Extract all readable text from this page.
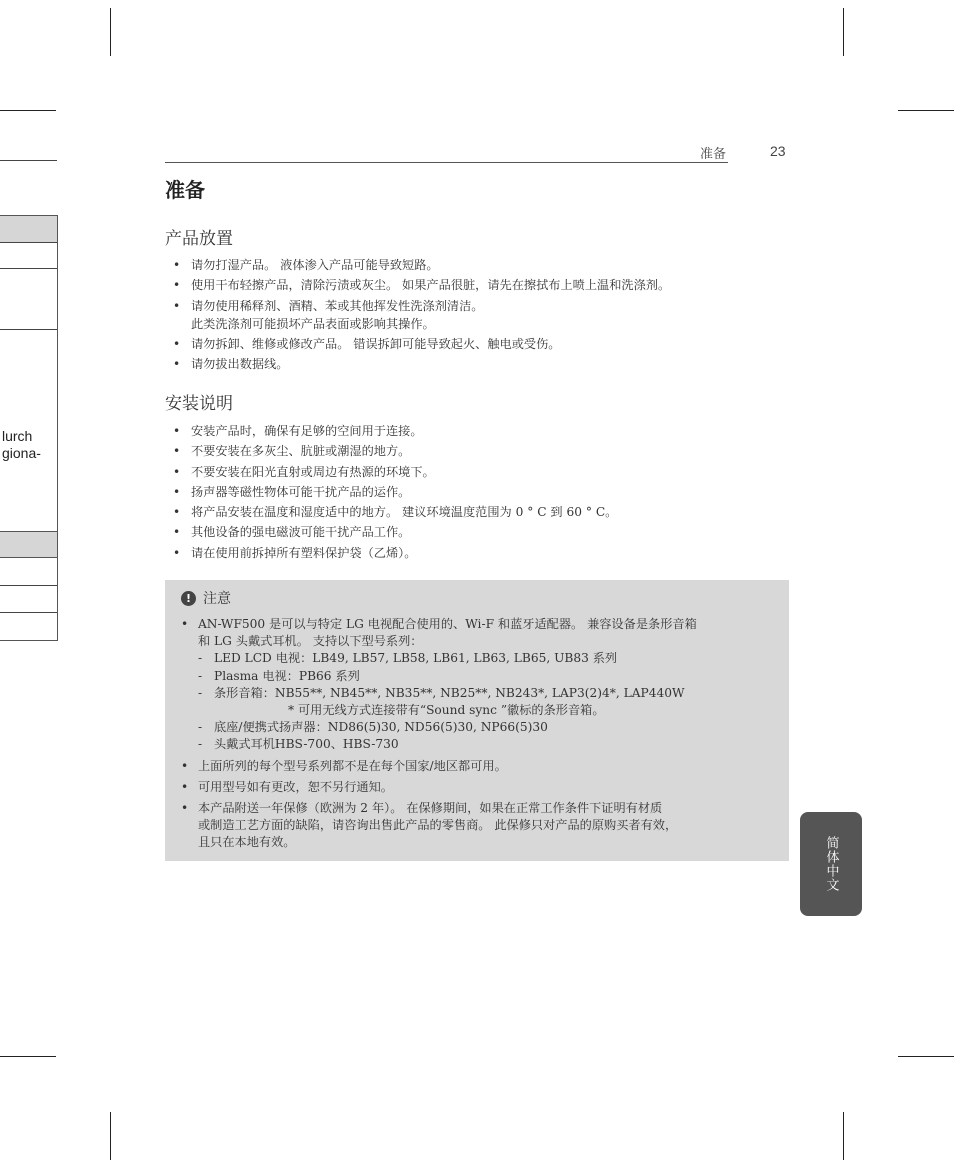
lurch
giona-
准备	23
准备
产品放置
• 请勿打湿产品。 液体渗入产品可能导致短路。
• 使用干布轻擦产品，清除污渍或灰尘。 如果产品很脏，请先在擦拭布上喷上温和洗涤剂。
• 请勿使用稀释剂、酒精、苯或其他挥发性洗涤剂清洁。
此类洗涤剂可能损坏产品表面或影响其操作。
• 请勿拆卸、维修或修改产品。 错误拆卸可能导致起火、触电或受伤。
• 请勿拔出数据线。
安装说明
• 安装产品时，确保有足够的空间用于连接。
• 不要安装在多灰尘、肮脏或潮湿的地方。
• 不要安装在阳光直射或周边有热源的环境下。
• 扬声器等磁性物体可能干扰产品的运作。
• 将产品安装在温度和湿度适中的地方。 建议环境温度范围为 0 ° C 到 60 ° C。
• 其他设备的强电磁波可能干扰产品工作。
• 请在使用前拆掉所有塑料保护袋（乙烯）。
! 注意
• AN-WF500 是可以与特定 LG 电视配合使用的、Wi-F 和蓝牙适配器。 兼容设备是条形音箱
和 LG 头戴式耳机。 支持以下型号系列：
- LED LCD 电视：LB49, LB57, LB58, LB61, LB63, LB65, UB83 系列
- Plasma 电视：PB66 系列
- 条形音箱：NB55**, NB45**, NB35**, NB25**, NB243*, LAP3(2)4*, LAP440W
* 可用无线方式连接带有“Sound sync ”徽标的条形音箱。
- 底座/便携式扬声器：ND86(5)30, ND56(5)30, NP66(5)30
- 头戴式耳机HBS-700、HBS-730
• 上面所列的每个型号系列都不是在每个国家/地区都可用。
• 可用型号如有更改，恕不另行通知。
• 本产品附送一年保修（欧洲为 2 年）。 在保修期间，如果在正常工作条件下证明有材质
或制造工艺方面的缺陷，请咨询出售此产品的零售商。 此保修只对产品的原购买者有效，
且只在本地有效。	简体中文
